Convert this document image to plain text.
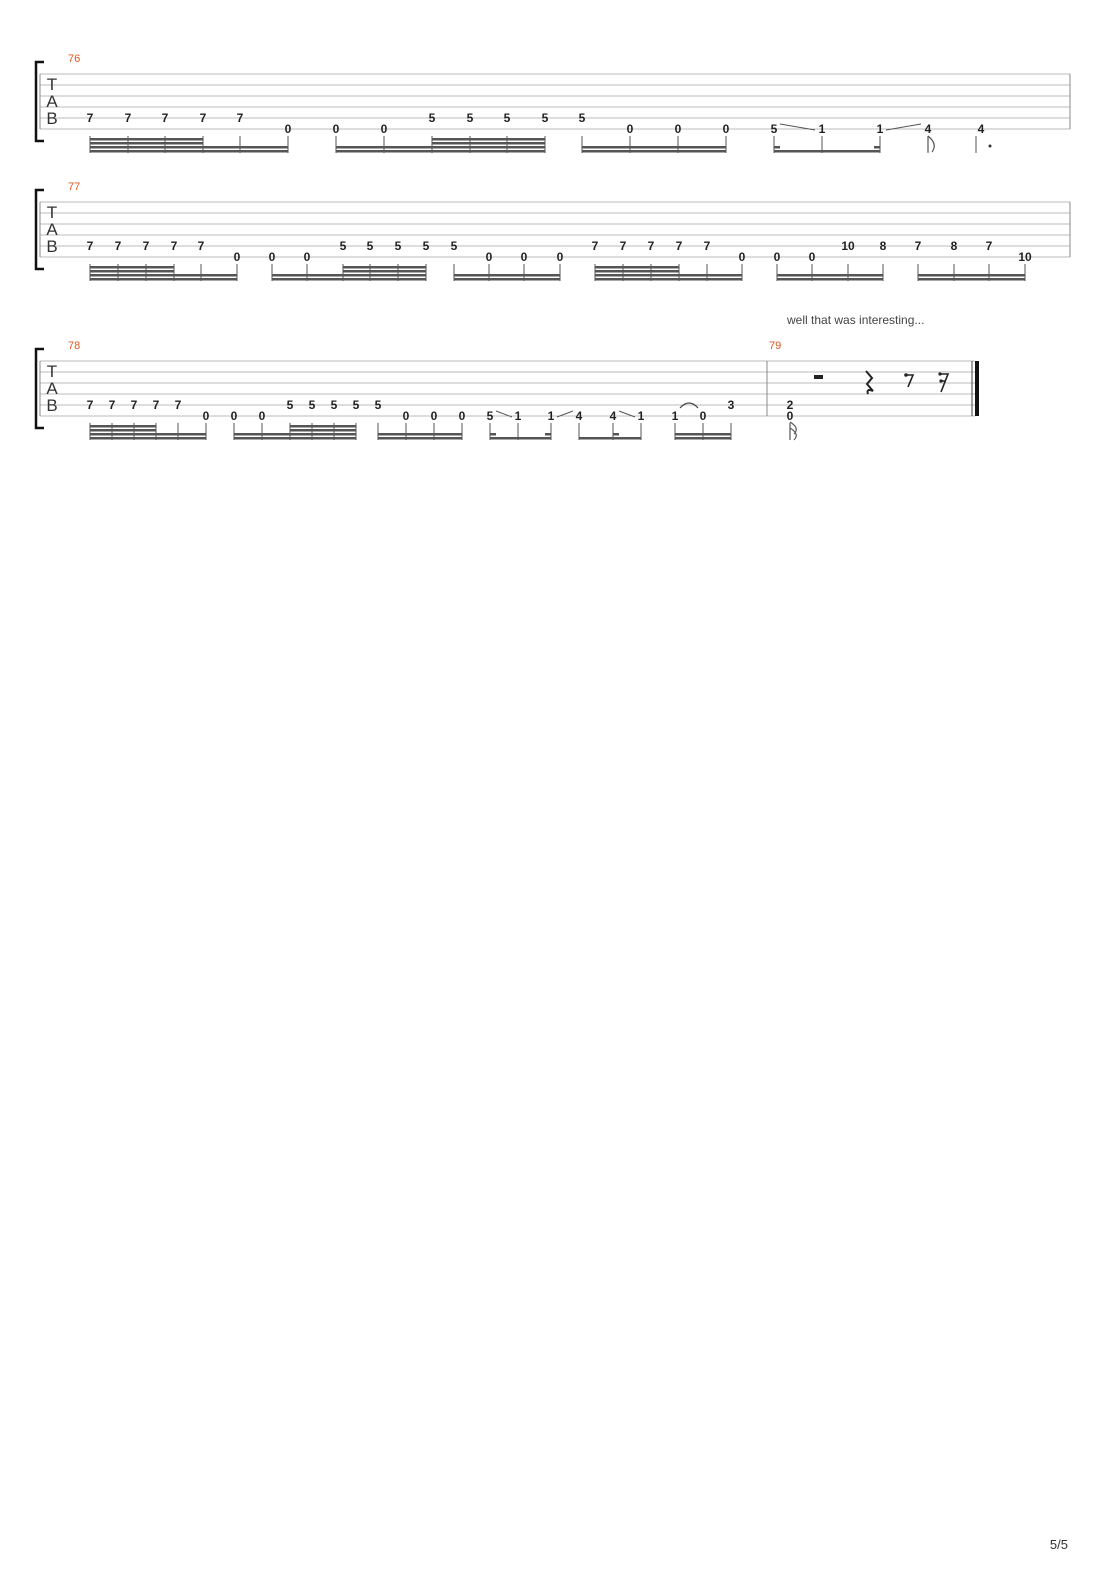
T
A
B
76
7	7	7	7	7
0	0	0
5	5	5	5	5
0	0	0	5	1	1	4	4
T
A
B
77
7 7 7 7 7
0 0 0
5 5 5 5 5
0 0 0
7 7 7 7 7
0 0 0
10 8 7 8 7
10
well that was interesting...
T
A
B
78	79
7 7 7 7 7
0 0 0
5 5 5 5 5
0 0 0 5 1 1 4 4 1 1 0
3	2
0
5/5
